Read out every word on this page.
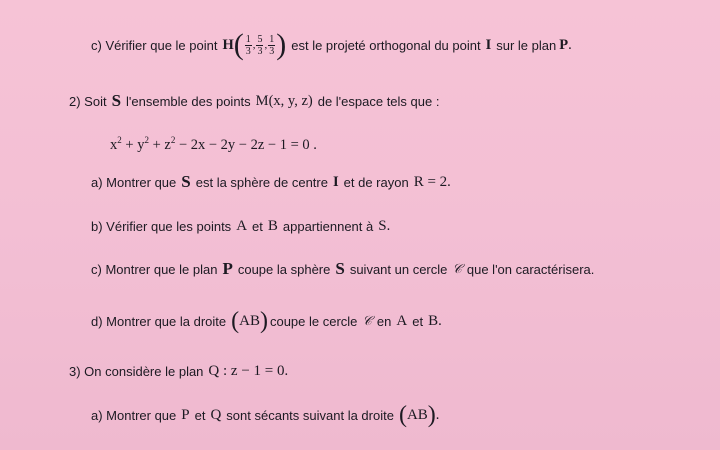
c) Vérifier que le point H ( $\frac{1}{3}$ , $\frac{5}{3}$ , $\frac{1}{3}$ ) est le projeté orthogonal du point I sur le plan P .
2) Soit S l'ensemble des points M(x, y, z) de l'espace tels que :
$x^2 + y^2 + z^2 - 2x - 2y - 2z - 1 = 0$ .
a) Montrer que S est la sphère de centre I et de rayon R = 2 .
b) Vérifier que les points A et B appartiennent à S .
c) Montrer que le plan P coupe la sphère S suivant un cercle 𝒞 que l'on caractérisera.
d) Montrer que la droite ( AB ) coupe le cercle 𝒞 en A et B .
3) On considère le plan Q : z − 1 = 0 .
a) Montrer que P et Q sont sécants suivant la droite ( AB ) .
